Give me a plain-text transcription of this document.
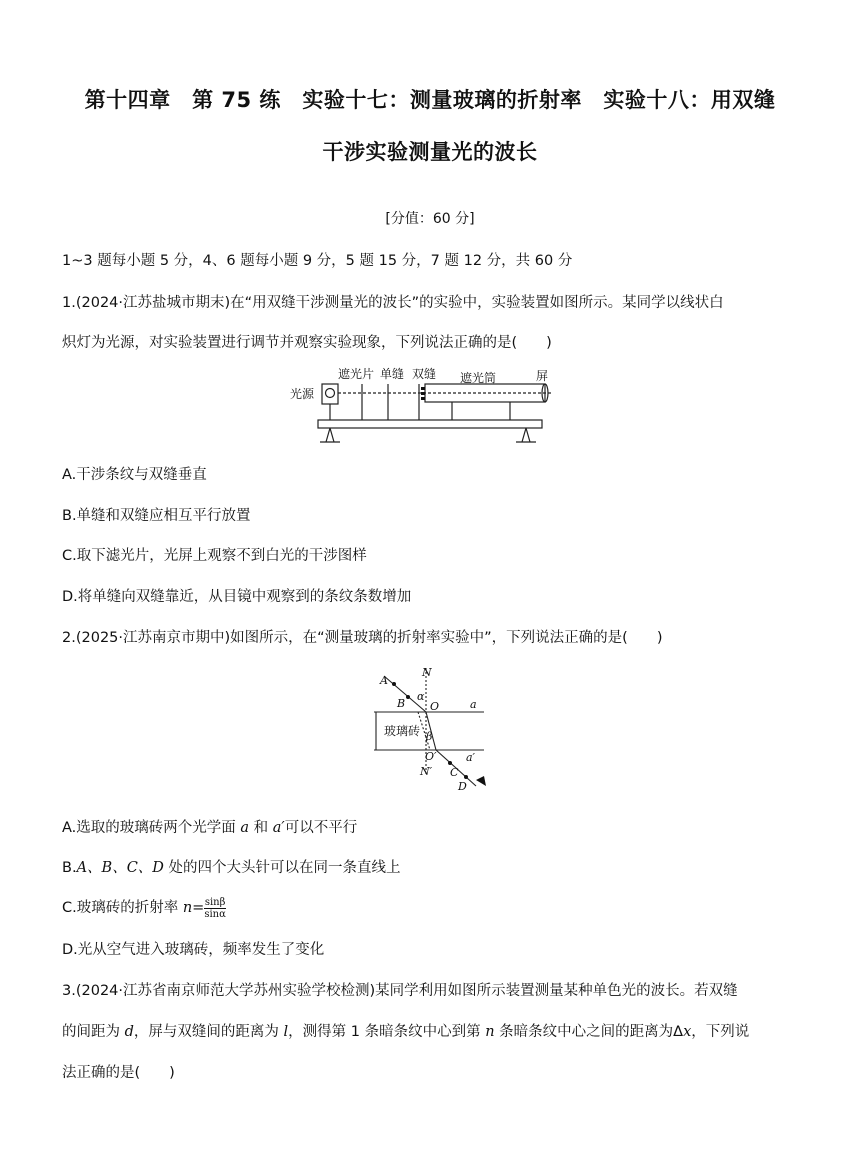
第十四章　第 75 练　实验十七：测量玻璃的折射率　实验十八：用双缝
干涉实验测量光的波长
[分值：60 分]
1~3 题每小题 5 分，4、6 题每小题 9 分，5 题 15 分，7 题 12 分，共 60 分
1.(2024·江苏盐城市期末)在“用双缝干涉测量光的波长”的实验中，实验装置如图所示。某同学以线状白
炽灯为光源，对实验装置进行调节并观察实验现象，下列说法正确的是(　　)
光源
遮光片 单缝 双缝 遮光筒	屏
A.干涉条纹与双缝垂直
B.单缝和双缝应相互平行放置
C.取下滤光片，光屏上观察不到白光的干涉图样
D.将单缝向双缝靠近，从目镜中观察到的条纹条数增加
2.(2025·江苏南京市期中)如图所示，在“测量玻璃的折射率实验中”，下列说法正确的是(　　)
A
B
C
D
N
N′
O
O′
α
β
a
a′
玻璃砖
A.选取的玻璃砖两个光学面 a 和 a′可以不平行
B.A、B、C、D 处的四个大头针可以在同一条直线上
C.玻璃砖的折射率 $n= \frac{\sin\beta}{\sin\alpha}$
D.光从空气进入玻璃砖，频率发生了变化
3.(2024·江苏省南京师范大学苏州实验学校检测)某同学利用如图所示装置测量某种单色光的波长。若双缝
的间距为 d，屏与双缝间的距离为 l，测得第 1 条暗条纹中心到第 n 条暗条纹中心之间的距离为Δx，下列说
法正确的是(　　)
